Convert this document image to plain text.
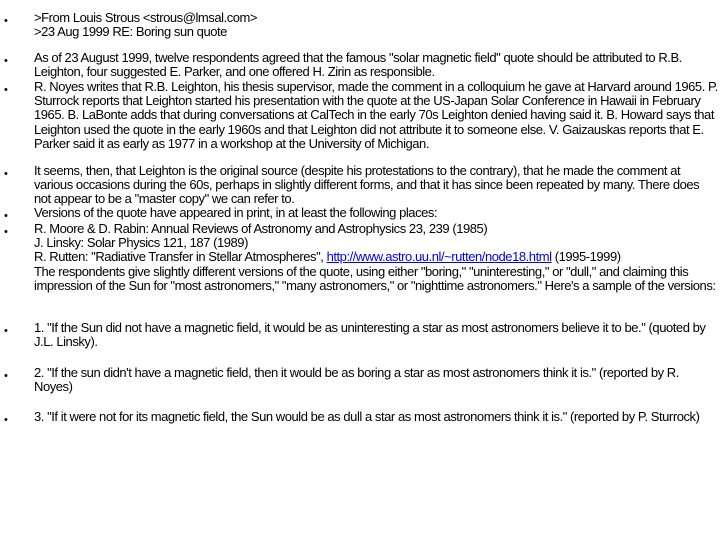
•	>From Louis Strous <strous@lmsal.com>
>23 Aug 1999 RE: Boring sun quote
•	As of 23 August 1999, twelve respondents agreed that the famous "solar magnetic field" quote should be attributed to R.B. Leighton, four suggested E. Parker, and one offered H. Zirin as responsible.
•	R. Noyes writes that R.B. Leighton, his thesis supervisor, made the comment in a colloquium he gave at Harvard around 1965. P. Sturrock reports that Leighton started his presentation with the quote at the US-Japan Solar Conference in Hawaii in February 1965. B. LaBonte adds that during conversations at CalTech in the early 70s Leighton denied having said it. B. Howard says that Leighton used the quote in the early 1960s and that Leighton did not attribute it to someone else. V. Gaizauskas reports that E. Parker said it as early as 1977 in a workshop at the University of Michigan.
•	It seems, then, that Leighton is the original source (despite his protestations to the contrary), that he made the comment at various occasions during the 60s, perhaps in slightly different forms, and that it has since been repeated by many. There does not appear to be a "master copy" we can refer to.
•	Versions of the quote have appeared in print, in at least the following places:
•	R. Moore & D. Rabin: Annual Reviews of Astronomy and Astrophysics 23, 239 (1985)
J. Linsky: Solar Physics 121, 187 (1989)
R. Rutten: "Radiative Transfer in Stellar Atmospheres", http://www.astro.uu.nl/~rutten/node18.html (1995-1999)
The respondents give slightly different versions of the quote, using either "boring," "uninteresting," or "dull," and claiming this impression of the Sun for "most astronomers," "many astronomers," or "nighttime astronomers." Here's a sample of the versions:
•	1. "If the Sun did not have a magnetic field, it would be as uninteresting a star as most astronomers believe it to be." (quoted by J.L. Linsky).
•	2. "If the sun didn't have a magnetic field, then it would be as boring a star as most astronomers think it is." (reported by R. Noyes)
•	3. "If it were not for its magnetic field, the Sun would be as dull a star as most astronomers think it is." (reported by P. Sturrock)
